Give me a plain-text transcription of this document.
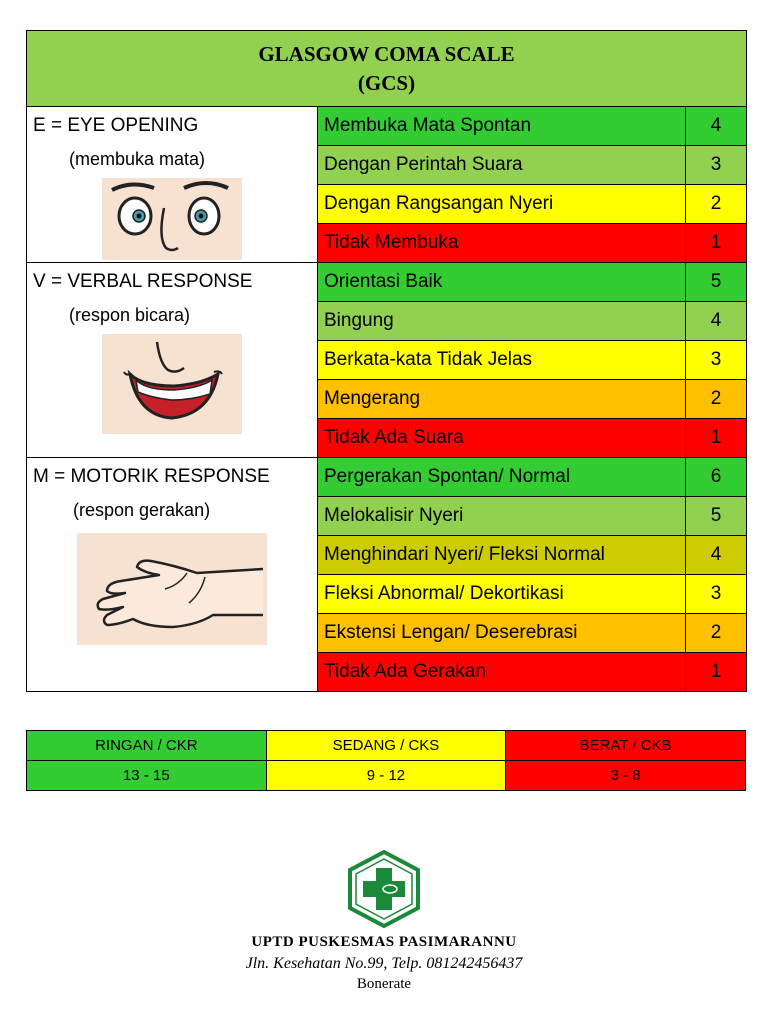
GLASGOW COMA SCALE
(GCS)		

E = EYE OPENING
(membuka mata)	Membuka Mata Spontan	4
	Dengan Perintah Suara	3
	Dengan Rangsangan Nyeri	2
	Tidak Membuka	1

V = VERBAL RESPONSE
(respon bicara)	Orientasi Baik	5
	Bingung	4
	Berkata-kata Tidak Jelas	3
	Mengerang	2
	Tidak Ada Suara	1

M = MOTORIK RESPONSE
(respon gerakan)	Pergerakan Spontan/ Normal	6
	Melokalisir Nyeri	5
	Menghindari Nyeri/ Fleksi Normal	4
	Fleksi Abnormal/ Dekortikasi	3
	Ekstensi Lengan/ Deserebrasi	2
	Tidak Ada Gerakan	1
RINGAN / CKR	SEDANG / CKS	BERAT / CKB
13 - 15	9 - 12	3 - 8
UPTD PUSKESMAS PASIMARANNU
Jln. Kesehatan No.99, Telp. 081242456437
Bonerate
